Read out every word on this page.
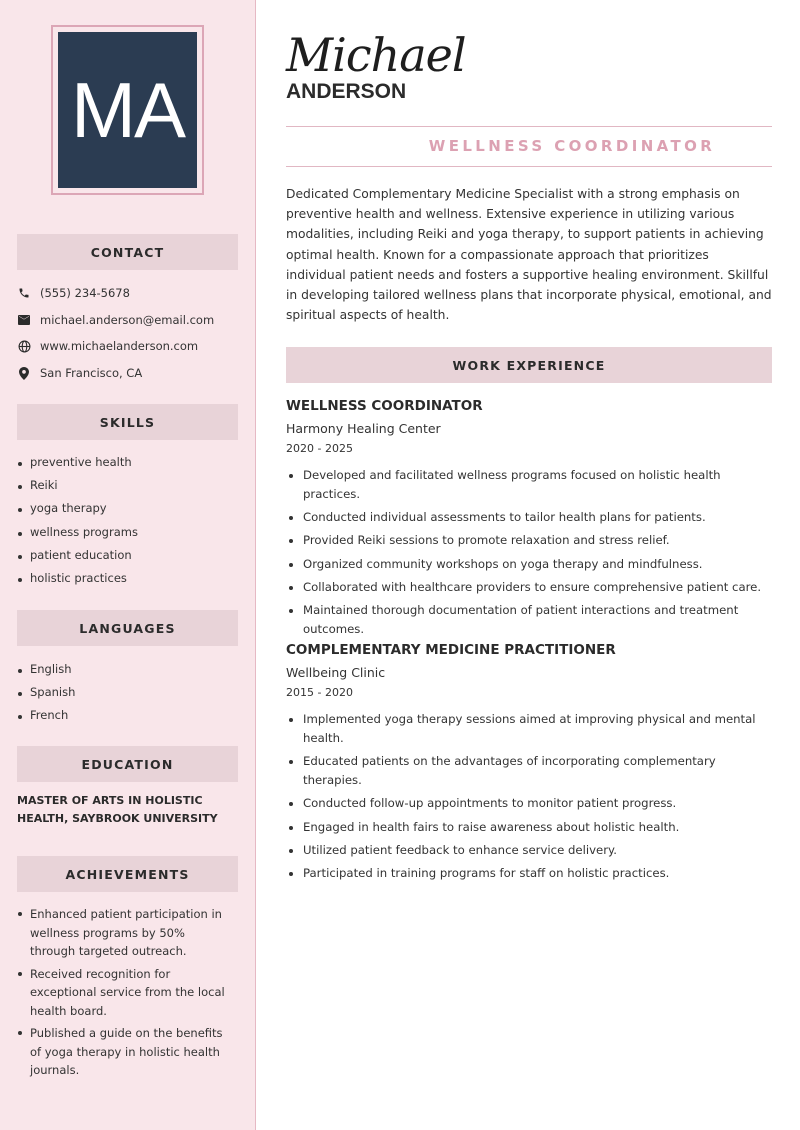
MA
CONTACT
(555) 234-5678
michael.anderson@email.com
www.michaelanderson.com
San Francisco, CA
SKILLS
preventive health
Reiki
yoga therapy
wellness programs
patient education
holistic practices
LANGUAGES
English
Spanish
French
EDUCATION
MASTER OF ARTS IN HOLISTIC HEALTH, SAYBROOK UNIVERSITY
ACHIEVEMENTS
Enhanced patient participation in wellness programs by 50% through targeted outreach.
Received recognition for exceptional service from the local health board.
Published a guide on the benefits of yoga therapy in holistic health journals.
Michael
ANDERSON
WELLNESS COORDINATOR

Dedicated Complementary Medicine Specialist with a strong emphasis on preventive health and wellness. Extensive experience in utilizing various modalities, including Reiki and yoga therapy, to support patients in achieving optimal health. Known for a compassionate approach that prioritizes individual patient needs and fosters a supportive healing environment. Skillful in developing tailored wellness plans that incorporate physical, emotional, and spiritual aspects of health.

WORK EXPERIENCE
WELLNESS COORDINATOR
Harmony Healing Center
2020 - 2025
Developed and facilitated wellness programs focused on holistic health practices.
Conducted individual assessments to tailor health plans for patients.
Provided Reiki sessions to promote relaxation and stress relief.
Organized community workshops on yoga therapy and mindfulness.
Collaborated with healthcare providers to ensure comprehensive patient care.
Maintained thorough documentation of patient interactions and treatment outcomes.
COMPLEMENTARY MEDICINE PRACTITIONER
Wellbeing Clinic
2015 - 2020
Implemented yoga therapy sessions aimed at improving physical and mental health.
Educated patients on the advantages of incorporating complementary therapies.
Conducted follow-up appointments to monitor patient progress.
Engaged in health fairs to raise awareness about holistic health.
Utilized patient feedback to enhance service delivery.
Participated in training programs for staff on holistic practices.
